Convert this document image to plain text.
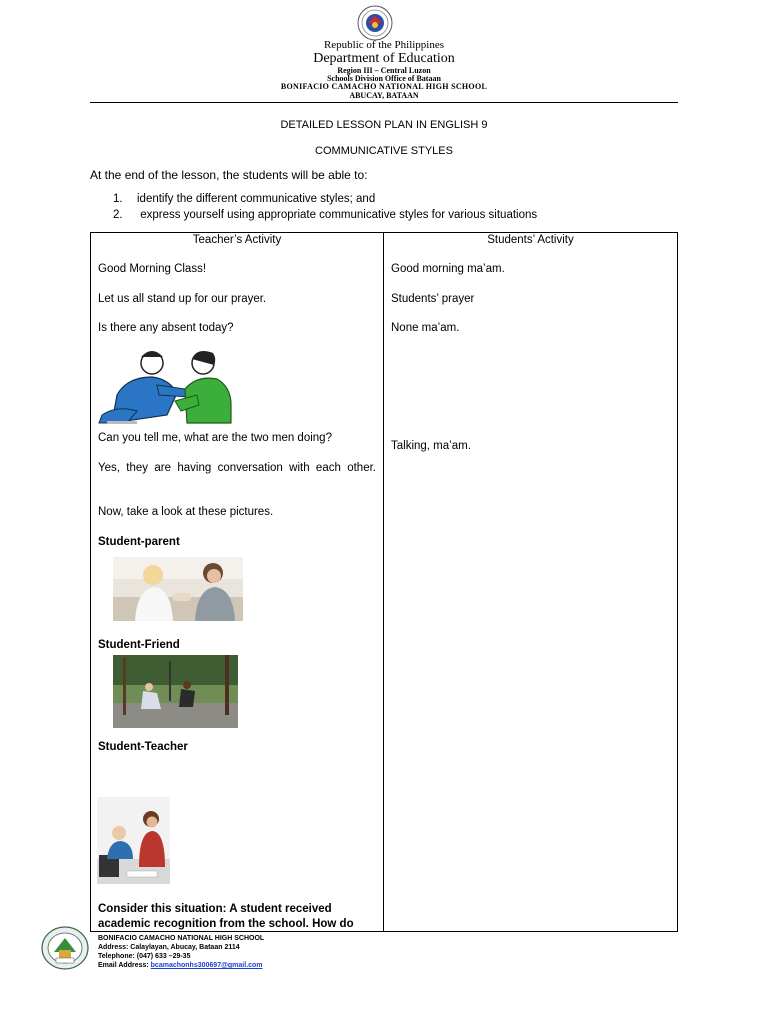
Republic of the Philippines
Department of Education
Region III – Central Luzon
Schools Division Office of Bataan
BONIFACIO CAMACHO NATIONAL HIGH SCHOOL
ABUCAY, BATAAN
DETAILED LESSON PLAN IN ENGLISH 9
COMMUNICATIVE STYLES
At the end of the lesson, the students will be able to:
1. identify the different communicative styles; and
2. express yourself using appropriate communicative styles for various situations
Teacher’s Activity	Students’ Activity
Good Morning Class!
Let us all stand up for our prayer.
Is there any absent today?
Can you tell me, what are the two men doing?
Yes, they are having conversation with each other.
Now, take a look at these pictures.
Student-parent
Student-Friend
Student-Teacher
Consider this situation: A student received academic recognition from the school. How do
Good morning ma’am.
Students’ prayer
None ma’am.
Talking, ma’am.
BONIFACIO CAMACHO NATIONAL HIGH SCHOOL
Address: Calaylayan, Abucay, Bataan 2114
Telephone: (047) 633 –29-35
Email Address: bcamachonhs300697@gmail.com
